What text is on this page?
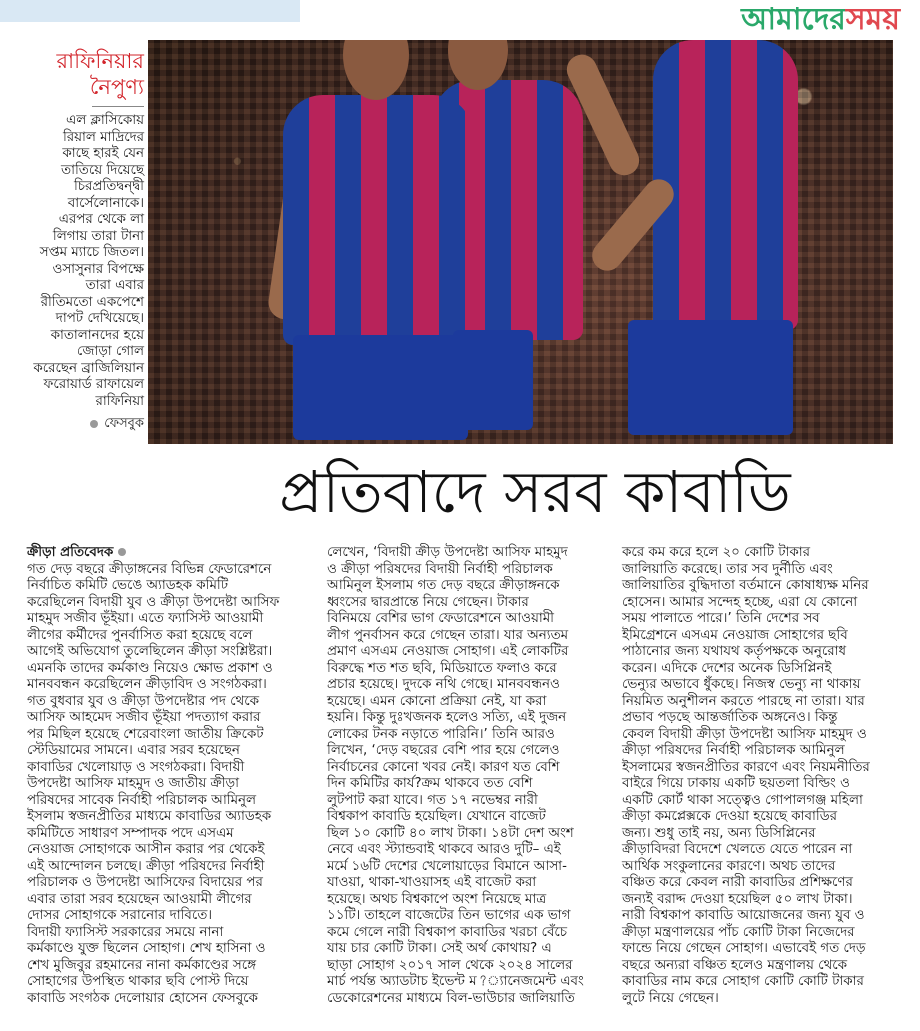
আমাদেরসময়
রাফিনিয়ার
নৈপুণ্য

এল ক্লাসিকোয়
রিয়াল মাদ্রিদের
কাছে হারই যেন
তাতিয়ে দিয়েছে
চিরপ্রতিদ্বন্দ্বী
বার্সেলোনাকে।
এরপর থেকে লা
লিগায় তারা টানা
সপ্তম ম্যাচে জিতল।
ওসাসুনার বিপক্ষে
তারা এবার
রীতিমতো একপেশে
দাপট দেখিয়েছে।
কাতালানদের হয়ে
জোড়া গোল
করেছেন ব্রাজিলিয়ান
ফরোয়ার্ড রাফায়েল
রাফিনিয়া

ফেসবুক
প্রতিবাদে সরব কাবাডি
ক্রীড়া প্রতিবেদক
গত দেড় বছরে ক্রীড়াঙ্গনের বিভিন্ন ফেডারেশনে
নির্বাচিত কমিটি ভেঙে অ্যাডহক কমিটি
করেছিলেন বিদায়ী যুব ও ক্রীড়া উপদেষ্টা আসিফ
মাহমুদ সজীব ভূঁইয়া। এতে ফ্যাসিস্ট আওয়ামী
লীগের কর্মীদের পুনর্বাসিত করা হয়েছে বলে
আগেই অভিযোগ তুলেছিলেন ক্রীড়া সংশ্লিষ্টরা।
এমনকি তাদের কর্মকাণ্ড নিয়েও ক্ষোভ প্রকাশ ও
মানববন্ধন করেছিলেন ক্রীড়াবিদ ও সংগঠকরা।
গত বুধবার যুব ও ক্রীড়া উপদেষ্টার পদ থেকে
আসিফ আহমেদ সজীব ভূঁইয়া পদত্যাগ করার
পর মিছিল হয়েছে শেরেবাংলা জাতীয় ক্রিকেট
স্টেডিয়ামের সামনে। এবার সরব হয়েছেন
কাবাডির খেলোয়াড় ও সংগঠকরা। বিদায়ী
উপদেষ্টা আসিফ মাহমুদ ও জাতীয় ক্রীড়া
পরিষদের সাবেক নির্বাহী পরিচালক আমিনুল
ইসলাম স্বজনপ্রীতির মাধ্যমে কাবাডির অ্যাডহক
কমিটিতে সাধারণ সম্পাদক পদে এসএম
নেওয়াজ সোহাগকে আসীন করার পর থেকেই
এই আন্দোলন চলছে। ক্রীড়া পরিষদের নির্বাহী
পরিচালক ও উপদেষ্টা আসিফের বিদায়ের পর
এবার তারা সরব হয়েছেন আওয়ামী লীগের
দোসর সোহাগকে সরানোর দাবিতে।
বিদায়ী ফ্যাসিস্ট সরকারের সময়ে নানা
কর্মকাণ্ডে যুক্ত ছিলেন সোহাগ। শেখ হাসিনা ও
শেখ মুজিবুর রহমানের নানা কর্মকাণ্ডের সঙ্গে
সোহাগের উপস্থিত থাকার ছবি পোস্ট দিয়ে
কাবাডি সংগঠক দেলোয়ার হোসেন ফেসবুকে
লেখেন, ‘বিদায়ী ক্রীড় উপদেষ্টা আসিফ মাহমুদ
ও ক্রীড়া পরিষদের বিদায়ী নির্বাহী পরিচালক
আমিনুল ইসলাম গত দেড় বছরে ক্রীড়াঙ্গনকে
ধ্বংসের দ্বারপ্রান্তে নিয়ে গেছেন। টাকার
বিনিময়ে বেশির ভাগ ফেডারেশনে আওয়ামী
লীগ পুনর্বাসন করে গেছেন তারা। যার অন্যতম
প্রমাণ এসএম নেওয়াজ সোহাগ। এই লোকটির
বিরুদ্ধে শত শত ছবি, মিডিয়াতে ফলাও করে
প্রচার হয়েছে। দুদকে নথি গেছে। মানববন্ধনও
হয়েছে। এমন কোনো প্রক্রিয়া নেই, যা করা
হয়নি। কিন্তু দুঃখজনক হলেও সত্যি, এই দুজন
লোকের টনক নড়াতে পারিনি।’ তিনি আরও
লিখেন, ‘দেড় বছরের বেশি পার হয়ে গেলেও
নির্বাচনের কোনো খবর নেই। কারণ যত বেশি
দিন কমিটির কার্য?ক্রম থাকবে তত বেশি
লুটপাট করা যাবে। গত ১৭ নভেম্বর নারী
বিশ্বকাপ কাবাডি হয়েছিল। যেখানে বাজেট
ছিল ১০ কোটি ৪০ লাখ টাকা। ১৪টা দেশ অংশ
নেবে এবং স্ট্যান্ডবাই থাকবে আরও দুটি– এই
মর্মে ১৬টি দেশের খেলোয়াড়ের বিমানে আসা-
যাওয়া, থাকা-খাওয়াসহ এই বাজেট করা
হয়েছে। অথচ বিশ্বকাপে অংশ নিয়েছে মাত্র
১১টি। তাহলে বাজেটের তিন ভাগের এক ভাগ
কমে গেলে নারী বিশ্বকাপ কাবাডির খরচা বেঁচে
যায় চার কোটি টাকা। সেই অর্থ কোথায়? এ
ছাড়া সোহাগ ২০১৭ সাল থেকে ২০২৪ সালের
মার্চ পর্যন্ত অ্যাডটাচ ইভেন্ট ম?্যানেজমেন্ট এবং
ডেকোরেশনের মাধ্যমে বিল-ভাউচার জালিয়াতি
করে কম করে হলে ২০ কোটি টাকার
জালিয়াতি করেছে। তার সব দুর্নীতি এবং
জালিয়াতির বুদ্ধিদাতা বর্তমানে কোষাধ্যক্ষ মনির
হোসেন। আমার সন্দেহ হচ্ছে, এরা যে কোনো
সময় পালাতে পারে।’ তিনি দেশের সব
ইমিগ্রেশনে এসএম নেওয়াজ সোহাগের ছবি
পাঠানোর জন্য যথাযথ কর্তৃপক্ষকে অনুরোধ
করেন। এদিকে দেশের অনেক ডিসিপ্লিনই
ভেন্যুর অভাবে ধুঁকছে। নিজস্ব ভেন্যু না থাকায়
নিয়মিত অনুশীলন করতে পারছে না তারা। যার
প্রভাব পড়ছে আন্তর্জাতিক অঙ্গনেও। কিন্তু
কেবল বিদায়ী ক্রীড়া উপদেষ্টা আসিফ মাহমুদ ও
ক্রীড়া পরিষদের নির্বাহী পরিচালক আমিনুল
ইসলামের স্বজনপ্রীতির কারণে এবং নিয়মনীতির
বাইরে গিয়ে ঢাকায় একটি ছয়তলা বিল্ডিং ও
একটি কোর্ট থাকা সত্ত্বেও গোপালগঞ্জ মহিলা
ক্রীড়া কমপ্লেক্সকে দেওয়া হয়েছে কাবাডির
জন্য। শুধু তাই নয়, অন্য ডিসিপ্লিনের
ক্রীড়াবিদরা বিদেশে খেলতে যেতে পারেন না
আর্থিক সংকুলানের কারণে। অথচ তাদের
বঞ্চিত করে কেবল নারী কাবাডির প্রশিক্ষণের
জন্যই বরাদ্দ দেওয়া হয়েছিল ৫০ লাখ টাকা।
নারী বিশ্বকাপ কাবাডি আয়োজনের জন্য যুব ও
ক্রীড়া মন্ত্রণালয়ের পাঁচ কোটি টাকা নিজেদের
ফান্ডে নিয়ে গেছেন সোহাগ। এভাবেই গত দেড়
বছরে অন্যরা বঞ্চিত হলেও মন্ত্রণালয় থেকে
কাবাডির নাম করে সোহাগ কোটি কোটি টাকার
লুটে নিয়ে গেছেন।
